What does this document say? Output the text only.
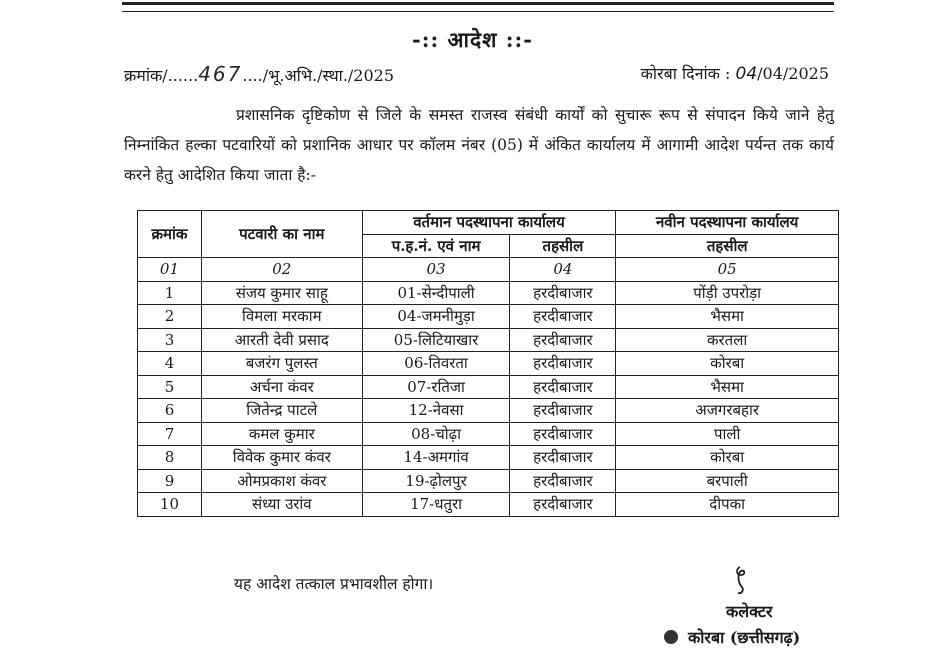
-:: आदेश ::-
क्रमांक/......467..../भू.अभि./स्था./2025	कोरबा दिनांक : 04/04/2025
प्रशासनिक दृष्टिकोण से जिले के समस्त राजस्व संबंधी कार्यों को सुचारू रूप से संपादन किये जाने हेतु निम्नांकित हल्का पटवारियों को प्रशानिक आधार पर कॉलम नंबर (05) में अंकित कार्यालय में आगामी आदेश पर्यन्त तक कार्य करने हेतु आदेशित किया जाता है:-
क्रमांक	पटवारी का नाम	वर्तमान पदस्थापना कार्यालय		नवीन पदस्थापना कार्यालय
		प.ह.नं. एवं नाम	तहसील	तहसील
01	02	03	04	05
1	संजय कुमार साहू	01-सेन्दीपाली	हरदीबाजार	पोंड़ी उपरोड़ा
2	विमला मरकाम	04-जमनीमुड़ा	हरदीबाजार	भैसमा
3	आरती देवी प्रसाद	05-लिटियाखार	हरदीबाजार	करतला
4	बजरंग पुलस्त	06-तिवरता	हरदीबाजार	कोरबा
5	अर्चना कंवर	07-रतिजा	हरदीबाजार	भैसमा
6	जितेन्द्र पाटले	12-नेवसा	हरदीबाजार	अजगरबहार
7	कमल कुमार	08-चोढ़ा	हरदीबाजार	पाली
8	विवेक कुमार कंवर	14-अमगांव	हरदीबाजार	कोरबा
9	ओमप्रकाश कंवर	19-ढ़ोलपुर	हरदीबाजार	बरपाली
10	संध्या उरांव	17-धतुरा	हरदीबाजार	दीपका
यह आदेश तत्काल प्रभावशील होगा।
कलेक्टर
कोरबा (छत्तीसगढ़)
